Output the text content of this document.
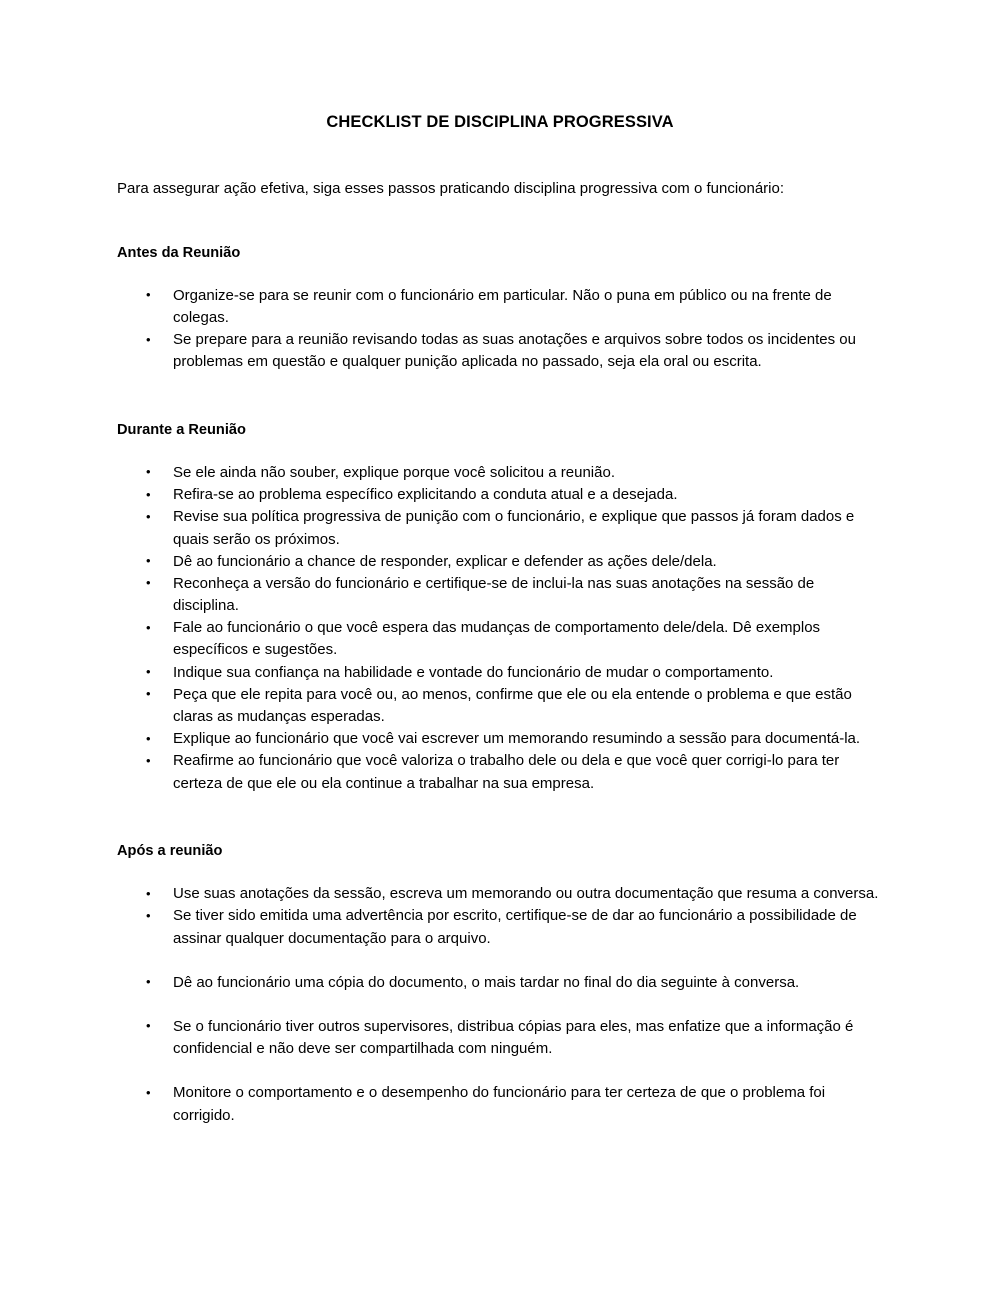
CHECKLIST DE DISCIPLINA PROGRESSIVA

Para assegurar ação efetiva, siga esses passos praticando disciplina progressiva com o funcionário:

Antes da Reunião
• Organize-se para se reunir com o funcionário em particular. Não o puna em público ou na frente de colegas.
• Se prepare para a reunião revisando todas as suas anotações e arquivos sobre todos os incidentes ou problemas em questão e qualquer punição aplicada no passado, seja ela oral ou escrita.
Durante a Reunião
• Se ele ainda não souber, explique porque você solicitou a reunião.
• Refira-se ao problema específico explicitando a conduta atual e a desejada.
• Revise sua política progressiva de punição com o funcionário, e explique que passos já foram dados e quais serão os próximos.
• Dê ao funcionário a chance de responder, explicar e defender as ações dele/dela.
• Reconheça a versão do funcionário e certifique-se de inclui-la nas suas anotações na sessão de disciplina.
• Fale ao funcionário o que você espera das mudanças de comportamento dele/dela. Dê exemplos específicos e sugestões.
• Indique sua confiança na habilidade e vontade do funcionário de mudar o comportamento.
• Peça que ele repita para você ou, ao menos, confirme que ele ou ela entende o problema e que estão claras as mudanças esperadas.
• Explique ao funcionário que você vai escrever um memorando resumindo a sessão para documentá-la.
• Reafirme ao funcionário que você valoriza o trabalho dele ou dela e que você quer corrigi-lo para ter certeza de que ele ou ela continue a trabalhar na sua empresa.
Após a reunião
• Use suas anotações da sessão, escreva um memorando ou outra documentação que resuma a conversa.
• Se tiver sido emitida uma advertência por escrito, certifique-se de dar ao funcionário a possibilidade de assinar qualquer documentação para o arquivo.
• Dê ao funcionário uma cópia do documento, o mais tardar no final do dia seguinte à conversa.
• Se o funcionário tiver outros supervisores, distribua cópias para eles, mas enfatize que a informação é confidencial e não deve ser compartilhada com ninguém.
• Monitore o comportamento e o desempenho do funcionário para ter certeza de que o problema foi corrigido.
